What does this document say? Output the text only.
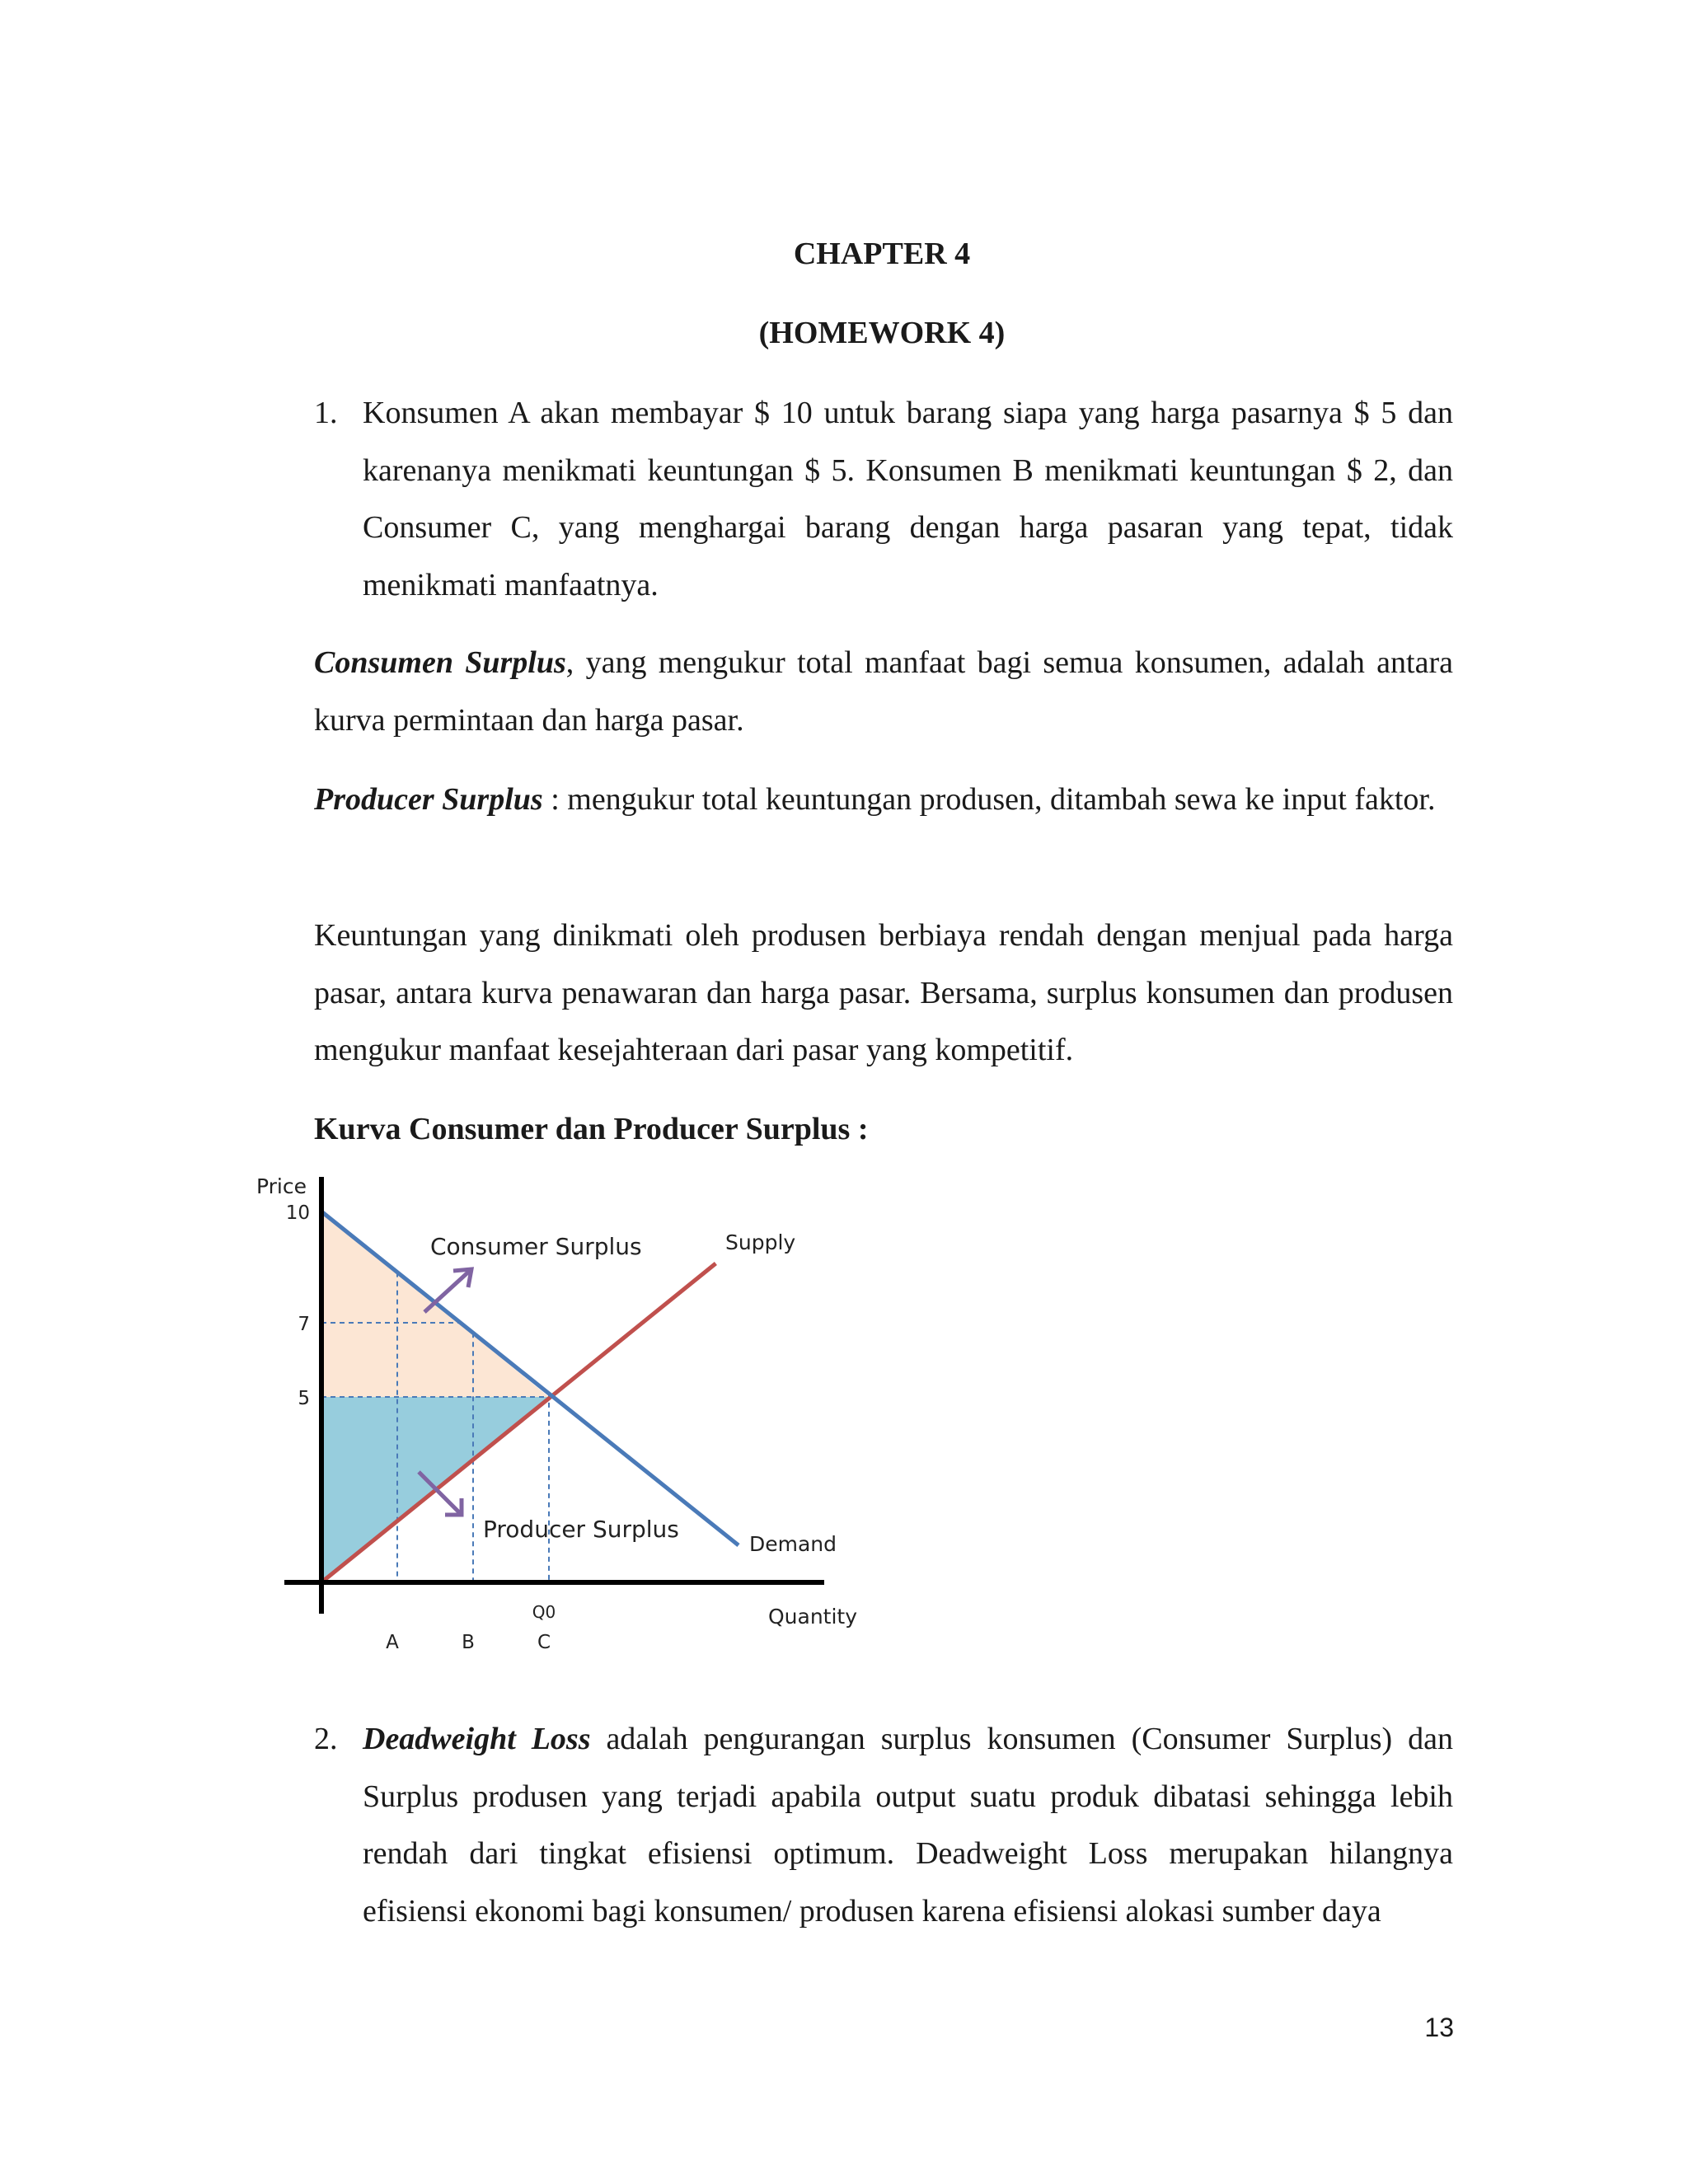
CHAPTER 4
(HOMEWORK 4)
1. Konsumen A akan membayar $ 10 untuk barang siapa yang harga pasarnya $ 5 dan karenanya menikmati keuntungan $ 5. Konsumen B menikmati keuntungan $ 2, dan Consumer C, yang menghargai barang dengan harga pasaran yang tepat, tidak menikmati manfaatnya.
Consumen Surplus, yang mengukur total manfaat bagi semua konsumen, adalah antara kurva permintaan dan harga pasar.
Producer Surplus : mengukur total keuntungan produsen, ditambah sewa ke input faktor.
Keuntungan yang dinikmati oleh produsen berbiaya rendah dengan menjual pada harga pasar, antara kurva penawaran dan harga pasar. Bersama, surplus konsumen dan produsen mengukur manfaat kesejahteraan dari pasar yang kompetitif.
Kurva Consumer dan Producer Surplus :
Price
10
7
5
A	B	C
Q0	Quantity
Consumer Surplus
Producer Surplus
Supply
Demand
2. Deadweight Loss adalah pengurangan surplus konsumen (Consumer Surplus) dan Surplus produsen yang terjadi apabila output suatu produk dibatasi sehingga lebih rendah dari tingkat efisiensi optimum. Deadweight Loss merupakan hilangnya efisiensi ekonomi bagi konsumen/ produsen karena efisiensi alokasi sumber daya
13
